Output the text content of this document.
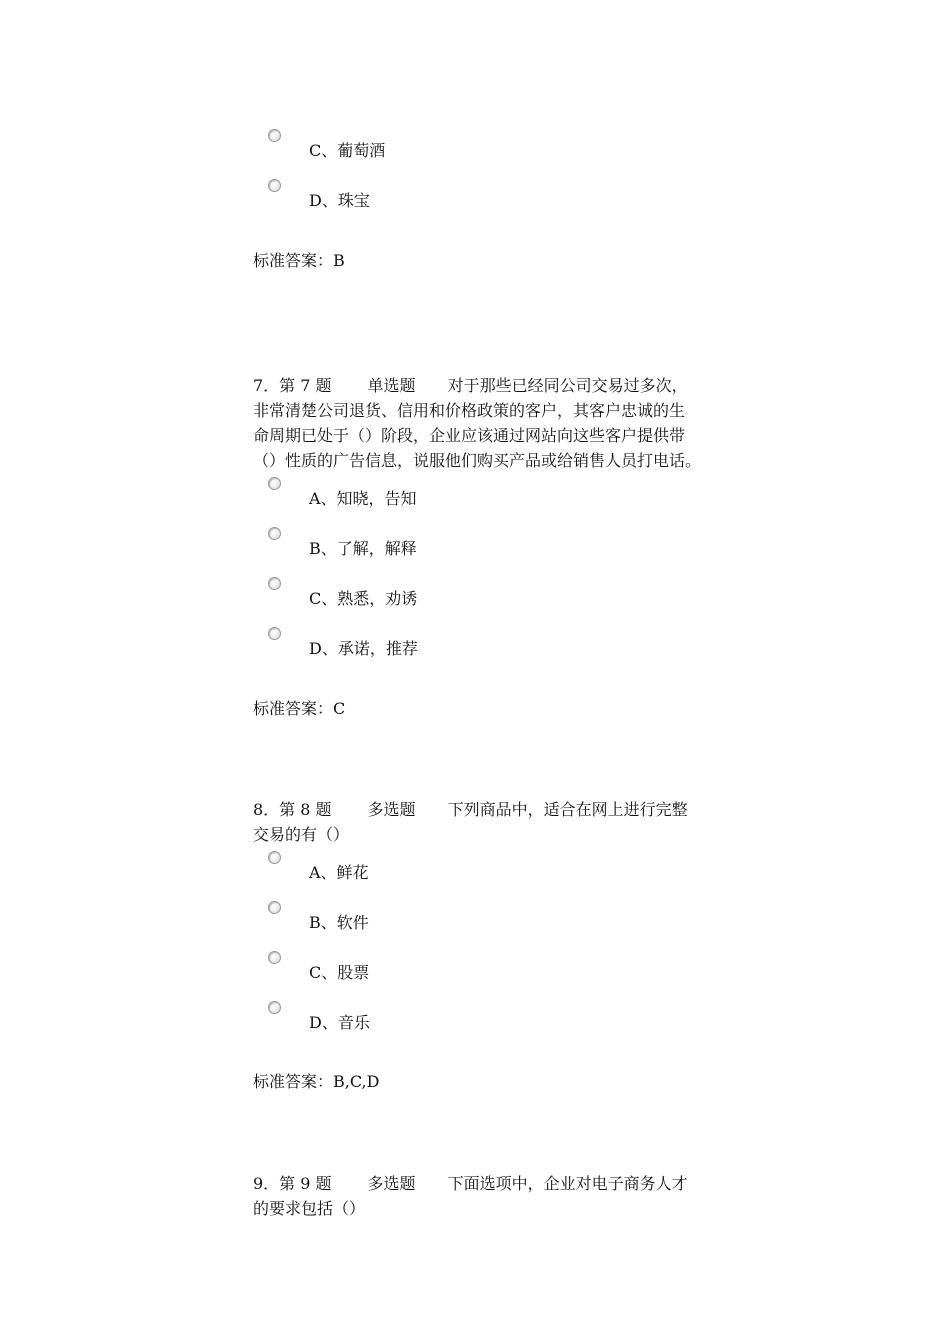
C、葡萄酒
D、珠宝
标准答案：B
7．第 7 题 单选题 对于那些已经同公司交易过多次，
非常清楚公司退货、信用和价格政策的客户，其客户忠诚的生
命周期已处于（）阶段，企业应该通过网站向这些客户提供带
（）性质的广告信息，说服他们购买产品或给销售人员打电话。
A、知晓，告知
B、了解，解释
C、熟悉，劝诱
D、承诺，推荐
标准答案：C
8．第 8 题 多选题 下列商品中，适合在网上进行完整
交易的有（）
A、鲜花
B、软件
C、股票
D、音乐
标准答案：B,C,D
9．第 9 题 多选题 下面选项中，企业对电子商务人才
的要求包括（）
